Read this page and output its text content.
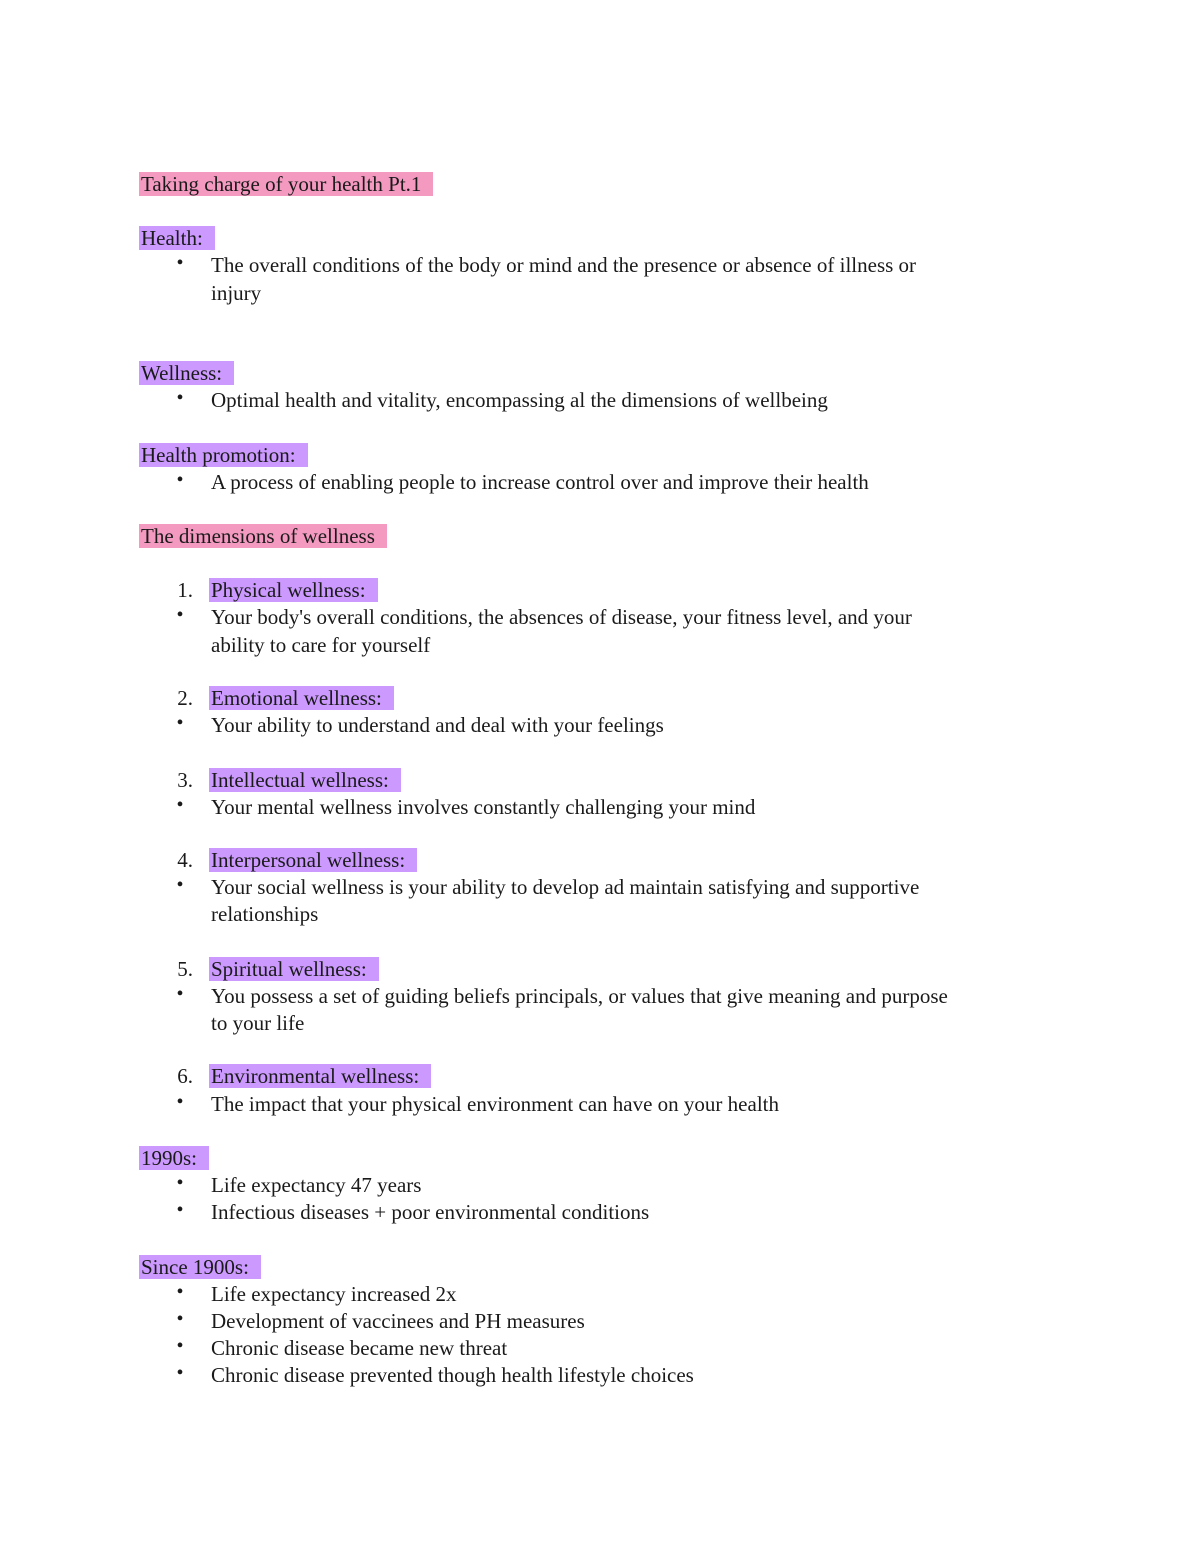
Taking charge of your health Pt.1
Health:
•	The overall conditions of the body or mind and the presence or absence of illness or
injury
Wellness:
•	Optimal health and vitality, encompassing al the dimensions of wellbeing
Health promotion:
•	A process of enabling people to increase control over and improve their health
The dimensions of wellness
1. Physical wellness:
•	Your body's overall conditions, the absences of disease, your fitness level, and your
ability to care for yourself
2. Emotional wellness:
•	Your ability to understand and deal with your feelings
3. Intellectual wellness:
•	Your mental wellness involves constantly challenging your mind
4. Interpersonal wellness:
•	Your social wellness is your ability to develop ad maintain satisfying and supportive
relationships
5. Spiritual wellness:
•	You possess a set of guiding beliefs principals, or values that give meaning and purpose
to your life
6. Environmental wellness:
•	The impact that your physical environment can have on your health
1990s:
•	Life expectancy 47 years
•	Infectious diseases + poor environmental conditions
Since 1900s:
•	Life expectancy increased 2x
•	Development of vaccinees and PH measures
•	Chronic disease became new threat
•	Chronic disease prevented though health lifestyle choices
